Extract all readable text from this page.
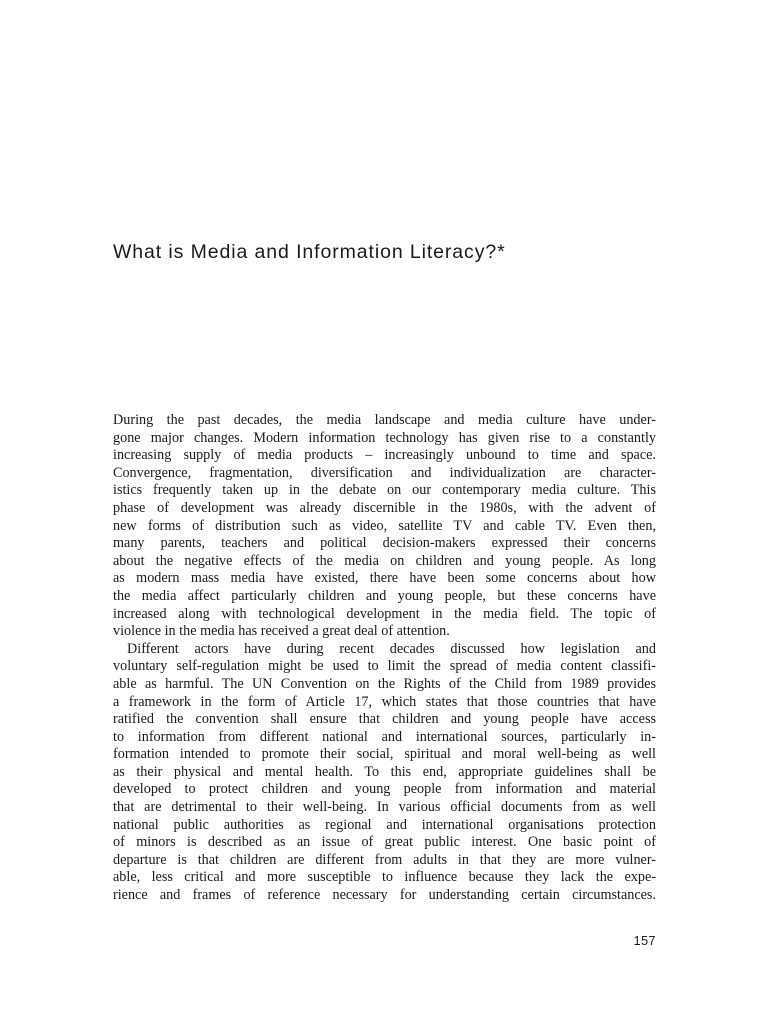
What is Media and Information Literacy?*

During the past decades, the media landscape and media culture have under-
gone major changes. Modern information technology has given rise to a constantly
increasing supply of media products – increasingly unbound to time and space.
Convergence, fragmentation, diversification and individualization are character-
istics frequently taken up in the debate on our contemporary media culture. This
phase of development was already discernible in the 1980s, with the advent of
new forms of distribution such as video, satellite TV and cable TV. Even then,
many parents, teachers and political decision-makers expressed their concerns
about the negative effects of the media on children and young people. As long
as modern mass media have existed, there have been some concerns about how
the media affect particularly children and young people, but these concerns have
increased along with technological development in the media field. The topic of
violence in the media has received a great deal of attention.

Different actors have during recent decades discussed how legislation and
voluntary self-regulation might be used to limit the spread of media content classifi-
able as harmful. The UN Convention on the Rights of the Child from 1989 provides
a framework in the form of Article 17, which states that those countries that have
ratified the convention shall ensure that children and young people have access
to information from different national and international sources, particularly in-
formation intended to promote their social, spiritual and moral well-being as well
as their physical and mental health. To this end, appropriate guidelines shall be
developed to protect children and young people from information and material
that are detrimental to their well-being. In various official documents from as well
national public authorities as regional and international organisations protection
of minors is described as an issue of great public interest. One basic point of
departure is that children are different from adults in that they are more vulner-
able, less critical and more susceptible to influence because they lack the expe-
rience and frames of reference necessary for understanding certain circumstances.

157
